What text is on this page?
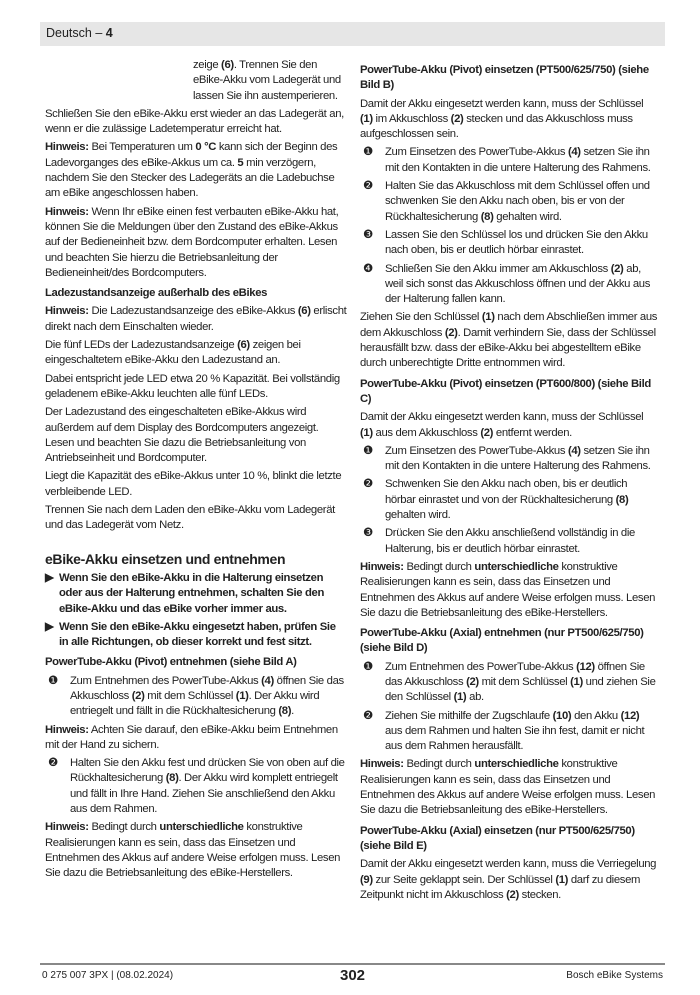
Deutsch – 4
zeige (6). Trennen Sie den eBike-Akku vom Ladegerät und lassen Sie ihn austemperieren.
Schließen Sie den eBike-Akku erst wieder an das Ladegerät an, wenn er die zulässige Ladetemperatur erreicht hat.
Hinweis: Bei Temperaturen um 0 °C kann sich der Beginn des Ladevorganges des eBike-Akkus um ca. 5 min verzögern, nachdem Sie den Stecker des Ladegeräts an die Ladebuchse am eBike angeschlossen haben.
Hinweis: Wenn Ihr eBike einen fest verbauten eBike-Akku hat, können Sie die Meldungen über den Zustand des eBike-Akkus auf der Bedieneinheit bzw. dem Bordcomputer erhalten. Lesen und beachten Sie hierzu die Betriebsanleitung der Bedieneinheit/des Bordcomputers.
Ladezustandsanzeige außerhalb des eBikes
Hinweis: Die Ladezustandsanzeige des eBike-Akkus (6) erlischt direkt nach dem Einschalten wieder.
Die fünf LEDs der Ladezustandsanzeige (6) zeigen bei eingeschaltetem eBike-Akku den Ladezustand an.
Dabei entspricht jede LED etwa 20 % Kapazität. Bei vollständig geladenem eBike-Akku leuchten alle fünf LEDs.
Der Ladezustand des eingeschalteten eBike-Akkus wird außerdem auf dem Display des Bordcomputers angezeigt. Lesen und beachten Sie dazu die Betriebsanleitung von Antriebseinheit und Bordcomputer.
Liegt die Kapazität des eBike-Akkus unter 10 %, blinkt die letzte verbleibende LED.
Trennen Sie nach dem Laden den eBike-Akku vom Ladegerät und das Ladegerät vom Netz.
eBike-Akku einsetzen und entnehmen
▶ Wenn Sie den eBike-Akku in die Halterung einsetzen oder aus der Halterung entnehmen, schalten Sie den eBike-Akku und das eBike vorher immer aus.
▶ Wenn Sie den eBike-Akku eingesetzt haben, prüfen Sie in alle Richtungen, ob dieser korrekt und fest sitzt.
PowerTube-Akku (Pivot) entnehmen (siehe Bild A)
❶ Zum Entnehmen des PowerTube-Akkus (4) öffnen Sie das Akkuschloss (2) mit dem Schlüssel (1). Der Akku wird entriegelt und fällt in die Rückhaltesicherung (8).
Hinweis: Achten Sie darauf, den eBike-Akku beim Entnehmen mit der Hand zu sichern.
❷ Halten Sie den Akku fest und drücken Sie von oben auf die Rückhaltesicherung (8). Der Akku wird komplett entriegelt und fällt in Ihre Hand. Ziehen Sie anschließend den Akku aus dem Rahmen.
Hinweis: Bedingt durch unterschiedliche konstruktive Realisierungen kann es sein, dass das Einsetzen und Entnehmen des Akkus auf andere Weise erfolgen muss. Lesen Sie dazu die Betriebsanleitung des eBike-Herstellers.
PowerTube-Akku (Pivot) einsetzen (PT500/625/750) (siehe Bild B)
Damit der Akku eingesetzt werden kann, muss der Schlüssel (1) im Akkuschloss (2) stecken und das Akkuschloss muss aufgeschlossen sein.
❶ Zum Einsetzen des PowerTube-Akkus (4) setzen Sie ihn mit den Kontakten in die untere Halterung des Rahmens.
❷ Halten Sie das Akkuschloss mit dem Schlüssel offen und schwenken Sie den Akku nach oben, bis er von der Rückhaltesicherung (8) gehalten wird.
❸ Lassen Sie den Schlüssel los und drücken Sie den Akku nach oben, bis er deutlich hörbar einrastet.
❹ Schließen Sie den Akku immer am Akkuschloss (2) ab, weil sich sonst das Akkuschloss öffnen und der Akku aus der Halterung fallen kann.
Ziehen Sie den Schlüssel (1) nach dem Abschließen immer aus dem Akkuschloss (2). Damit verhindern Sie, dass der Schlüssel herausfällt bzw. dass der eBike-Akku bei abgestelltem eBike durch unberechtigte Dritte entnommen wird.
PowerTube-Akku (Pivot) einsetzen (PT600/800) (siehe Bild C)
Damit der Akku eingesetzt werden kann, muss der Schlüssel (1) aus dem Akkuschloss (2) entfernt werden.
❶ Zum Einsetzen des PowerTube-Akkus (4) setzen Sie ihn mit den Kontakten in die untere Halterung des Rahmens.
❷ Schwenken Sie den Akku nach oben, bis er deutlich hörbar einrastet und von der Rückhaltesicherung (8) gehalten wird.
❸ Drücken Sie den Akku anschließend vollständig in die Halterung, bis er deutlich hörbar einrastet.
Hinweis: Bedingt durch unterschiedliche konstruktive Realisierungen kann es sein, dass das Einsetzen und Entnehmen des Akkus auf andere Weise erfolgen muss. Lesen Sie dazu die Betriebsanleitung des eBike-Herstellers.
PowerTube-Akku (Axial) entnehmen (nur PT500/625/750) (siehe Bild D)
❶ Zum Entnehmen des PowerTube-Akkus (12) öffnen Sie das Akkuschloss (2) mit dem Schlüssel (1) und ziehen Sie den Schlüssel (1) ab.
❷ Ziehen Sie mithilfe der Zugschlaufe (10) den Akku (12) aus dem Rahmen und halten Sie ihn fest, damit er nicht aus dem Rahmen herausfällt.
Hinweis: Bedingt durch unterschiedliche konstruktive Realisierungen kann es sein, dass das Einsetzen und Entnehmen des Akkus auf andere Weise erfolgen muss. Lesen Sie dazu die Betriebsanleitung des eBike-Herstellers.
PowerTube-Akku (Axial) einsetzen (nur PT500/625/750) (siehe Bild E)
Damit der Akku eingesetzt werden kann, muss die Verriegelung (9) zur Seite geklappt sein. Der Schlüssel (1) darf zu diesem Zeitpunkt nicht im Akkuschloss (2) stecken.
0 275 007 3PX | (08.02.2024)	302	Bosch eBike Systems
